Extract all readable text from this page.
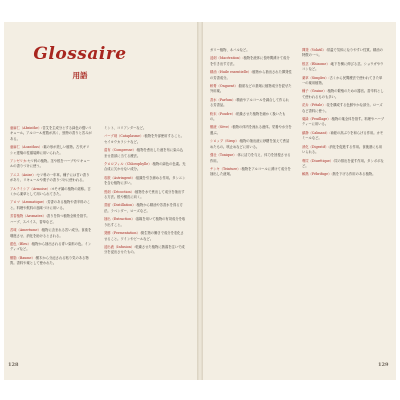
Glossaire
用語

亜麻仁（Absinthe）:苦艾を主成分とする緑色の強いリキュール。アルコール度数が高く、独特の香りと苦みがある。

亜麻仁（Acanthus）:葉の形が美しい植物。古代ギリシャ建築の柱頭装飾に用いられた。

アンゼリカ:セリ科の植物。茎や根をハーブやリキュールの香りづけに使う。

アニス（Anise）:セリ科の一年草。種子には甘い香りがあり、リキュールや菓子の香りづけに使われる。

アルテミシア（Armoise）:ヨモギ属の植物の総称。古くから薬草として用いられてきた。

アロマ（Aromatique）:芳香のある植物や香辛料のこと。料理や飲料の風味づけに用いる。

芳香植物（Aromates）:香りを持つ植物全般を指す。ハーブ、スパイス、香草など。

苦味（Amertume）:植物に含まれる苦い成分。食欲を増進させ、消化を助けるとされる。

藍色（Bleu）:植物から抽出される青い染料の色。インディゴなど。

樹脂（Baume）:樹木から分泌される粘り気のある物質。香料や薬として使われた。

ミント、コリアンダーなど。

バーブ剤（Cataplasme）:植物を外部使用すること。セイヨウカラシナなど。

湿布（Compresse）:植物を煮出した液を布に染み込ませ患部に当てる療法。

クロロフィル（Chlorophylle）:植物の緑色の色素。光合成に欠かせない成分。

収斂（Astringent）:組織を引き締める作用。タンニンを含む植物に多い。

煎剤（Décoction）:植物を水で煮出して成分を抽出する方法。根や樹皮に向く。

蒸留（Distillation）:植物から精油や芳香水を得る方法。ラベンダー、ローズなど。

抽出（Extraction）:溶媒を用いて植物の有効成分を取り出すこと。

発酵（Fermentation）:微生物の働きで成分を変化させること。ワインやビールなど。

浸出液（Infusion）:乾燥させた植物に熱湯を注いで成分を浸出させたもの。

ガリー植物、ネバルなど。

浸剤（Macération）:植物を液体に長時間漬けて成分を引き出す方法。

精油（Huile essentielle）:植物から抽出された揮発性の芳香成分。

軟膏（Onguent）:脂肪などの基剤に植物成分を混ぜた外用薬。

香水（Parfum）:精油やアルコールを調合して作られる芳香品。

粉末（Poudre）:乾燥させた植物を細かく挽いたもの。

樹液（Sève）:植物の体内を流れる液体。栄養や水分を運ぶ。

シロップ（Sirop）:植物の抽出液に砂糖を加えて煮詰めたもの。咳止めなどに用いる。

強壮（Tonique）:体に活力を与え、体力を回復させる作用。

チンキ（Teinture）:植物をアルコールに漬けて成分を抽出した液剤。

揮発（Volatil）:常温で気体になりやすい性質。精油の特徴の一つ。

根茎（Rhizome）:地下を横に伸びる茎。ショウガやウコンなど。

薬草（Simples）:古くから民間療法で使われてきた単一の薬用植物。

種子（Graine）:植物の繁殖のための器官。香辛料として使われるものも多い。

花弁（Pétale）:花を構成する色鮮やかな部分。ローズなど香料に使う。

葉緑（Feuillage）:植物の葉全体を指す。料理やハーブティーに用いる。

鎮静（Calmant）:神経の高ぶりを和らげる作用。カモミールなど。

消化（Digestif）:消化を促進する作用。食後酒にも用いられる。

利尿（Diurétique）:尿の排出を促す作用。タンポポなど。

解熱（Fébrifuge）:熱を下げる作用のある植物。

128	129
